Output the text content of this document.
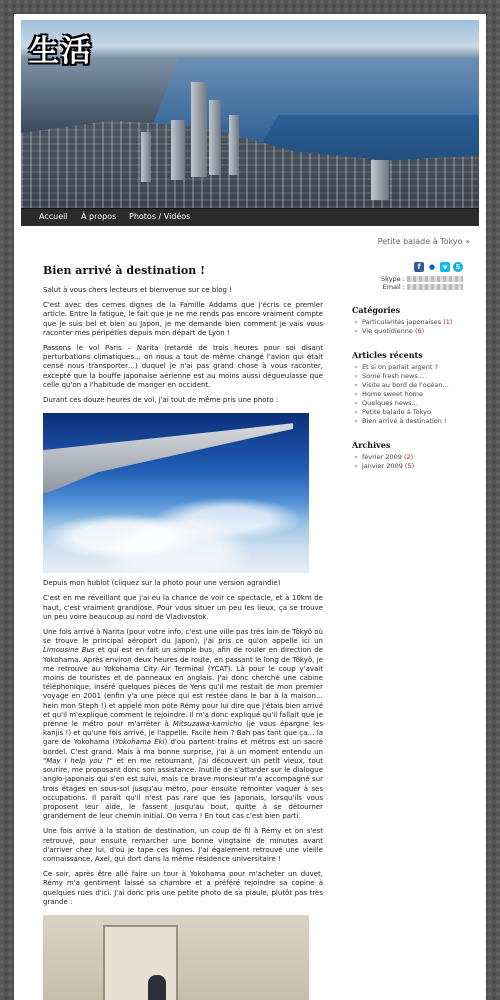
生活
Accueil À propos Photos / Vidéos
Petite balade à Tokyo »
Bien arrivé à destination !

Salut à vous chers lecteurs et bienvenue sur ce blog !

C'est avec des cernes dignes de la Famille Addams que j'écris ce premier article. Entre la fatigue, le fait que je ne me rends pas encore vraiment compte que je suis bel et bien au Japon, je me demande bien comment je vais vous raconter mes péripéties depuis mon départ de Lyon !

Passons le vol Paris – Narita (retardé de trois heures pour soi disant perturbations climatiques… on nous a tout de même changé l'avion qui était censé nous transporter…) duquel je n'ai pas grand chose à vous raconter, excepté que la bouffe japonaise aérienne est au moins aussi dégueulasse que celle qu'on a l'habitude de manger en occident.

Durant ces douze heures de vol, j'ai tout de même pris une photo :

Depuis mon hublot (cliquez sur la photo pour une version agrandie)

C'est en me réveillant que j'ai eu la chance de voir ce spectacle, et à 10km de haut, c'est vraiment grandiose. Pour vous situer un peu les lieux, ça se trouve un peu voire beaucoup au nord de Vladivostok.

Une fois arrivé à Narita (pour votre info, c'est une ville pas très loin de Tôkyô où se trouve le principal aéroport du Japon), j'ai pris ce qu'on appelle ici un Limousine Bus et qui est en fait un simple bus, afin de rouler en direction de Yokohama. Après environ deux heures de route, en passant le long de Tôkyô, je me retrouve au Yokohama City Air Terminal (YCAT). Là pour le coup y'avait moins de touristes et de panneaux en anglais. J'ai donc cherché une cabine téléphonique, inséré quelques pièces de Yens qu'il me restait de mon premier voyage en 2001 (enfin y'a une pièce qui est restée dans le bar à la maison… hein mon Steph !) et appelé mon pote Rémy pour lui dire que j'étais bien arrivé et qu'il m'explique comment le rejoindre. Il m'a donc expliqué qu'il fallait que je prenne le métro pour m'arrêter à Mitsuzawa-kamicho (je vous épargne les kanjis !) et qu'une fois arrivé, je l'appelle. Facile hein ? Bah pas tant que ça… la gare de Yokohama (Yokohama Eki) d'où partent trains et métros est un sacré bordel. C'est grand. Mais à ma bonne surprise, j'ai à un moment entendu un "May I help you ?" et en me retournant, j'ai découvert un petit vieux, tout sourire, me proposant donc son assistance. Inutile de s'attarder sur le dialogue anglo-japonais qui s'en est suivi, mais ce brave monsieur m'a accompagné sur trois étages en sous-sol jusqu'au métro, pour ensuite remonter vaquer à ses occupations. Il paraît qu'il n'est pas rare que les Japonais, lorsqu'ils vous proposent leur aide, le fassent jusqu'au bout, quitte à se détourner grandement de leur chemin initial. On verra ! En tout cas c'est bien parti.

Une fois arrivé à la station de destination, un coup de fil à Rémy et on s'est retrouvé, pour ensuite remarcher une bonne vingtaine de minutes avant d'arriver chez lui, d'où je tape ces lignes. J'ai également retrouvé une vieille connaissance, Axel, qui dort dans la même résidence universitaire !

Ce soir, après être allé faire un tour à Yokohama pour m'acheter un duvet, Rémy m'a gentiment laissé sa chambre et a préféré rejoindre sa copine à quelques rues d'ici. J'ai donc pris une petite photo de sa piaule, plutôt pas très grande :

f	●	v	S
Skype :
Email :
Catégories
» Particularités japonaises (1)
» Vie quotidienne (6)
Articles récents
» Et si on parlait argent ?
» Some fresh news…
» Visite au bord de l'océan…
» Home sweet home
» Quelques news…
» Petite balade à Tokyo
» Bien arrivé à destination !
Archives
» février 2009 (2)
» janvier 2009 (5)
